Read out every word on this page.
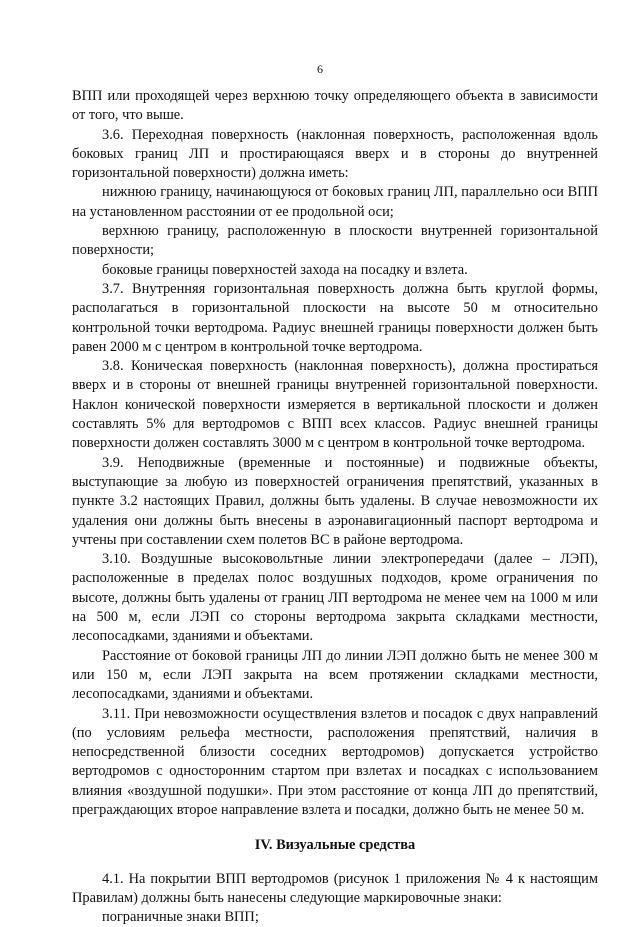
6

ВПП или проходящей через верхнюю точку определяющего объекта в зависимости от того, что выше.

3.6. Переходная поверхность (наклонная поверхность, расположенная вдоль боковых границ ЛП и простирающаяся вверх и в стороны до внутренней горизонтальной поверхности) должна иметь:

нижнюю границу, начинающуюся от боковых границ ЛП, параллельно оси ВПП на установленном расстоянии от ее продольной оси;

верхнюю границу, расположенную в плоскости внутренней горизонтальной поверхности;

боковые границы поверхностей захода на посадку и взлета.

3.7. Внутренняя горизонтальная поверхность должна быть круглой формы, располагаться в горизонтальной плоскости на высоте 50 м относительно контрольной точки вертодрома. Радиус внешней границы поверхности должен быть равен 2000 м с центром в контрольной точке вертодрома.

3.8. Коническая поверхность (наклонная поверхность), должна простираться вверх и в стороны от внешней границы внутренней горизонтальной поверхности. Наклон конической поверхности измеряется в вертикальной плоскости и должен составлять 5% для вертодромов с ВПП всех классов. Радиус внешней границы поверхности должен составлять 3000 м с центром в контрольной точке вертодрома.

3.9. Неподвижные (временные и постоянные) и подвижные объекты, выступающие за любую из поверхностей ограничения препятствий, указанных в пункте 3.2 настоящих Правил, должны быть удалены. В случае невозможности их удаления они должны быть внесены в аэронавигационный паспорт вертодрома и учтены при составлении схем полетов ВС в районе вертодрома.

3.10. Воздушные высоковольтные линии электропередачи (далее – ЛЭП), расположенные в пределах полос воздушных подходов, кроме ограничения по высоте, должны быть удалены от границ ЛП вертодрома не менее чем на 1000 м или на 500 м, если ЛЭП со стороны вертодрома закрыта складками местности, лесопосадками, зданиями и объектами.

Расстояние от боковой границы ЛП до линии ЛЭП должно быть не менее 300 м или 150 м, если ЛЭП закрыта на всем протяжении складками местности, лесопосадками, зданиями и объектами.

3.11. При невозможности осуществления взлетов и посадок с двух направлений (по условиям рельефа местности, расположения препятствий, наличия в непосредственной близости соседних вертодромов) допускается устройство вертодромов с односторонним стартом при взлетах и посадках с использованием влияния «воздушной подушки». При этом расстояние от конца ЛП до препятствий, преграждающих второе направление взлета и посадки, должно быть не менее 50 м.

IV. Визуальные средства

4.1. На покрытии ВПП вертодромов (рисунок 1 приложения № 4 к настоящим Правилам) должны быть нанесены следующие маркировочные знаки:

пограничные знаки ВПП;
